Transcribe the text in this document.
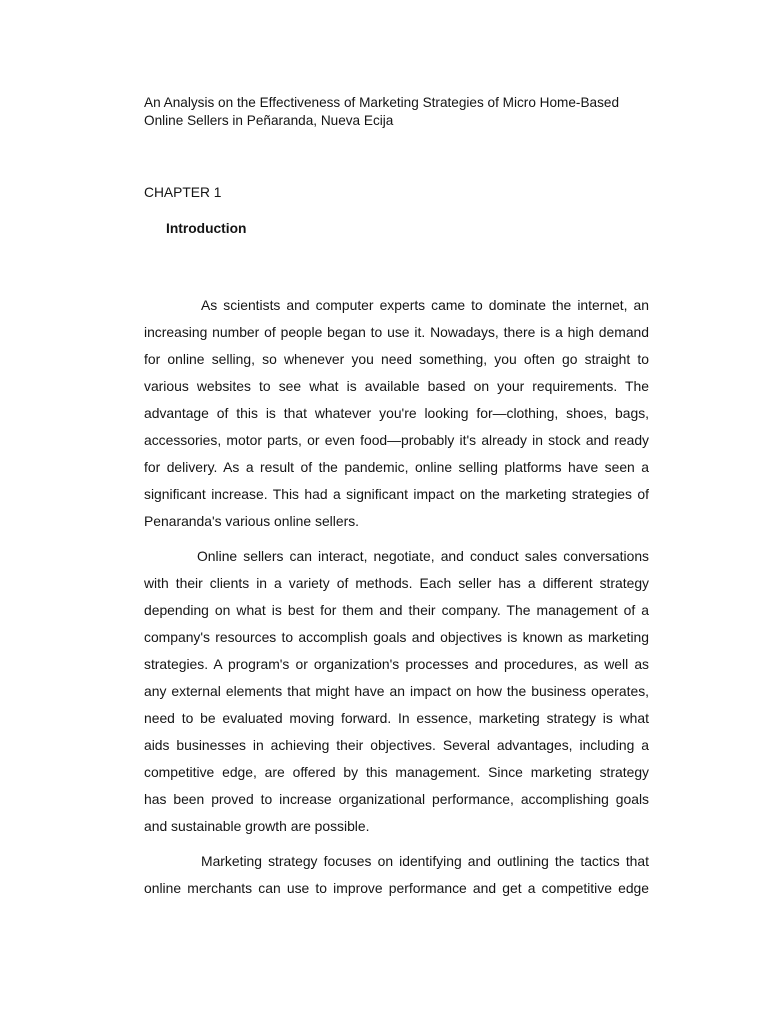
An Analysis on the Effectiveness of Marketing Strategies of Micro Home-Based
Online Sellers in Peñaranda, Nueva Ecija
CHAPTER 1
Introduction
As scientists and computer experts came to dominate the internet, an
increasing number of people began to use it. Nowadays, there is a high demand
for online selling, so whenever you need something, you often go straight to
various websites to see what is available based on your requirements. The
advantage of this is that whatever you're looking for—clothing, shoes, bags,
accessories, motor parts, or even food—probably it's already in stock and ready
for delivery. As a result of the pandemic, online selling platforms have seen a
significant increase. This had a significant impact on the marketing strategies of
Penaranda's various online sellers.
Online sellers can interact, negotiate, and conduct sales conversations
with their clients in a variety of methods. Each seller has a different strategy
depending on what is best for them and their company. The management of a
company's resources to accomplish goals and objectives is known as marketing
strategies. A program's or organization's processes and procedures, as well as
any external elements that might have an impact on how the business operates,
need to be evaluated moving forward. In essence, marketing strategy is what
aids businesses in achieving their objectives. Several advantages, including a
competitive edge, are offered by this management. Since marketing strategy
has been proved to increase organizational performance, accomplishing goals
and sustainable growth are possible.
Marketing strategy focuses on identifying and outlining the tactics that
online merchants can use to improve performance and get a competitive edge
